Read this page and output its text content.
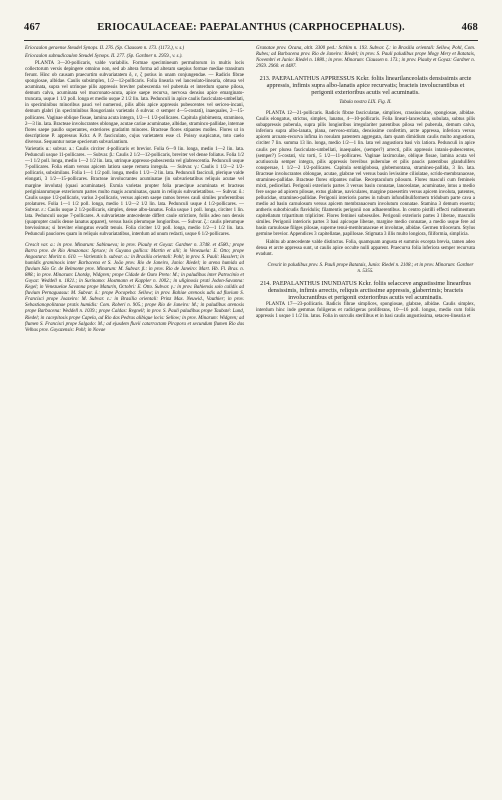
467	ERIOCAULACEAE: PAEPALANTHUS (CARPHOCEPHALUS).	468

Eriocaulon geraense Steudel Synops. II. 276. (Sp. Claussen n. 173. (1173.), v. s.)

Eriocaulon subnudicaulon Steudel Synops. II. 277. (Sp. Gardner n. 2959., v. s.).

PLANTA 3—20-pollicaris, valde variabilis. Formae specimineum permultorum in multis locis collectorum versis depingere omnino non, sed ab altera forma ad alteram saepius formae mediae transitum ferunt. Hinc ob causam praecurtim subvariatatem δ, ε, ζ potius in unam conjungendae. — Radicis fibrae spongiosae, albidae. Caulis subsimplex, 1/2—12-pollicaris. Folia linearia vel lanceolato-linearia, obtusa vel acuminata, supra vel utrinque pilis appressis breviter pubescentia vel puberula et interdum sparse pilosa, demum calva, acuminata vel mucronato-acuta, apice saepe recurva, nervosa densius apice emarginato-truncata, usque 1 1/2 poll. longa et medio usque 2 1/2 lin. lata. Pedunculi in apice caulis fasciculato-umbellati, in speciminibus minoribus pauci vel numerosi, pilis albis apice appressis pubescentes vel sericeo-incani, demum glabri (in speciminibus Rougorianis varietatis δ subvar. σ semper 4—5-costati), inaequales, 2—15-pollicares. Vaginae oblique fissae, lamina acuta integra, 1/2—1 1/2-pollicares. Capitula globimenta, straminea, 2—3 lin. lata. Bracteae involucrantes oblongae, acutae cariae acuminatae, albidae, straminco-pallidae, internae flores saepe paullo superantes, exteriores gradatim minores. Bracteae flores stipantes molles. Flores ut in descriptione P. appressus Kckr. A P. fasciculato, cujus varietatem esse cl. Poissy suspicatus, toto caelo diversus. Sequuntur notae specierum subvariantium.

Varietatis α.: subvar. a.: Caulis circiter 4-pollicaris et brevior. Folia 6—9 lin. longa, medio 1—2 lin. lata. Pedunculi usque 11-pollicares. — Subvar. β.: Caulis 2 1/2—12-pollicaris, breviter vel dense foliatus. Folia 1/2—1 1/2 poll. longa, medio 1—2 1/2 lin. lata, utrinque appresso-pubescentia vel glabrescentia. Pedunculi usque 7-pollicares. Folia etiam versus apicem latiora saepe remota inregula. — Subvar. γ.: Caulis 1 1/2—2 1/2-pollicaris, subsimilans. Folia 1—1 1/2 poll. longa, medio 1 1/2—2 lin. lata. Pedunculi fasciculi, plerique valde elongati, 3 1/2—15-pollicares. Bracteae involucrantes acuminatae (in subvarietatibus reliquis acutae vel margine involuta) (quasi acuminatae). Exmia varietas propter folia praecipue acuminata et bracteas periginianrumque exteriorum partes multo magis acuminatas, quam in reliquis subvarietatibus. — Subvar. δ.: Caulis usque 1/2-pollicaris, varius 2-pollicaris, versus apicem saepe ramos breves cauli similes proferentibus prolatures. Folia 1—1 1/2 poll. longa, medio 1 1/2—2 1/2 lin. lata. Pedunculi usque 4 1/2-pollicares. — Subvar. ε.: Caulis usque 2 1/2-pollicaris, simplex, dense albo-lanatus. Folia usque 1 poll. longa, circiter 1 lin. lata. Pedunculi usque 7-pollicares. A subvarietate antecedente differt caule strictiore, foliis adeo non densis (quapropter caulis dense lanatus apparet), versus basis plerumque longioribus. — Subvar. ζ.: caulis plerumque brevissimus; si breviter elongatus evadit tenuis. Folia circiter 1/2 poll. longa, medio 1/2—1 1/2 lin. lata. Pedunculi pauciores quam in reliquis subvariatatibus, interdum ad unum redacti, usque 6 1/2-pollicares.

Crescit var. a.: in prov. Minarum: Sabinueva; in prov. Piauhy et Goyaz: Gardner n. 3748. et 4580.; prope Barra prov. de Rio Amazonas: Spruce; in Guyana gallica: Martin et alii; in Venezuela: E. Otto; prope Angostura: Moritz n. 610. — Varietatis b. subvar. a.: in Brasilia orientali: Pohl; in prov. S. Pauli: Hasslert; in humidis graminosis inter Barbacena et S. João prov. Rio de Janeiro, Janio: Riedel; in arena humida ad fluvium São Gr. de Belmonte prov. Minarum: M. Subvar. β.: in prov. Rio de Janeiro: Mart. Hb. Fl. Bras. n. 888.; in prov. Minarum: Lhotsky, Widgren; prope Cidade de Ouro Preto: M.; in paludibus inter Patrocinio et Goyaz: Weddell n. 1821.; in Surinamo: Hostmann et Kappler n. 1002.; in uliginosis prati Jodon-Savanna: Kegel; in Venezuelae Savanna prope Maturin, Octobri: E. Otto. Subvar. γ.: in prov. Bahiensis solo calidis ad fluvium Pernaguassu: M. Subvar. δ.: prope Pocopeba: Sellow; in prov. Bahiae arenosis udis ad fluvium S. Francisci prope Joazeiro: M. Subvar. ε.: in Brasilia orientali: Prinz Max. Neuwid., Vauthier; in prov. Sebastianopolitanae pratis humidis: Com. Roberi n. 905.; prope Rio de Janeiro: M.; in paludibus arenosis prope Barbacena: Weddell n. 1039.; prope Caldas: Regnell; in prov. S. Pauli paludibus prope Taubaté: Lund, Riedel; in cacepitosis prope Capela, ad Rio das Pedras alibique locis: Sellow; in prov. Minarum: Widgren; ad flumen S. Francisci prope Salgado: M.; ad ejusdem fluvii catarractam Pirapora et secundum flumen Rio das Velhas prov. Goyazensis: Pohl; in Novae

Granatae prov. Ocana, altit. 3300 ped.: Schlim n. 193. Subvar. ζ.: in Brasilia orientali: Sellow, Pohl, Com. Rubes; ad Barbacena prov. Rio de Janeiro: Riedel; in prov. S. Pauli paludibus prope Mogy Mery et Batatais, Novembri et Junio: Riedel n. 1880.; in prov. Minarum: Claussen n. 173.; in prov. Piauhy et Goyaz: Gardner n. 2959. 2960. et 4487.

213. PAEPALANTHUS APPRESSUS Kckr. foliis linearilanceolatis densissimis arcte appressis, infimis supra albo-lanatis apice recurvatis; bracteis involucrantibus et perigonii exterioribus acutis vel acuminatis.

Tabula nostra LIX. Fig. II.

PLANTA 12—21-pollicaris. Radicis fibrae fasciculatae, simplices, crassiusculae, spongiosae, albidae. Caulis elongatus, strictus, simplex, lanatus, 4—10-pollicaris. Folia lineari-lanceolata, subulata, subtus pilis subappressis puberula, supra pilis longioribus irregulariter patentibus pilosa vel puberula, demum calva, inferiora supra albo-lanata, plana, nervoso-striata, densissime confertim, arcte appressa, inferiora versus apicem arcuato-recurva infima in rosulam patentem aggregata, 4am quam dimidium caulis multo angustiora, circiter 7 lin. summa 13 lin. longa, medio 1/2—1 lin. lata vel angustiora basi vix latiora. Pedunculi in apice caulis per plurea fasciculato-umbellati, inaequales, (semper?) arrecti, pilis appressis intanis-pubescentes, (semper?) 5-costati, viz torti, 5 1/2—11-pollicares. Vaginae laximculae, oblique fissae, lamina acuta vel acutiuscula semper integra, pilis appressis brevibus puberulae et pilis paucis patentibus glandulifers conspersae, 1 1/2—2 1/2-pollicares. Capitula semiglobosa, globemontana, stramineo-pallida, 3 lin. lata. Bracteae involucrantes oblongae, acutae, glabrae vel versus basin levissime ciliolatae, scrido-membranaceae, stramineo-pallidae. Bracteae flores stipantes nullae. Receptaculum pilosum. Flores masculi cum femineis mixti, pedicellati. Perigonii exterioris partes 3 versus basin connatae, lanceolatae, acuminatae, intus a medio fere usque ad apicem pilosae, extus glabrae, naviculares, margine praesertim versus apicem involuta, patentes, pellucidae, stramineo-pallidae. Perigonii interioris partes in tubum infundibuliformem tridubum parte cava a medio ad basin carnulosum versus apicem membranaceum involutum connatae. Stamina 3 demum exserta; antheris suborbicudis flavidulis; filamentis perigonii non adhaerentibus. In centro pistilli effecti rudimentum capitellatum tripartitum tripliciter. Flores feminei subsessiles. Perigonii exterioris partes 3 liberae, masculis similes. Perigonii interioris partes 3 basi apicoque liberae, margine medio connatae, a medio usque fere ad basin carnulosae filiges pilosae, superne tenui-membranaceae et involutae, albidae. Germen triloceram. Stylus germine brevior. Appendices 3 capitellatae, papillosae. Stigmata 3 illis multo longiora, filiformia, simplicia.

Habitu ab antecedente valde distinctus. Folia, quamquam angusta et summis excepta brevia, tamen adeo densa et arcte appressa sunt, ut caulis apice occulte nulli apparent. Praecurva folia inferiora semper recurvata evadunt.

Crescit in paludibus prov. S. Pauli prope Batatais, Junio: Riedel n. 2108.; et in prov. Minarum: Gardner n. 5355.

214. PAEPALANTHUS INUNDATUS Kckr. foliis selacceve angustissime linearibus densissimis, infimis arrectis, reliquis arctissime appressis, glaberrimis; bracteis involucrantibus et perigonii exterioribus acutis vel acuminatis.

PLANTA 17—23-pollicaris. Radicis fibrae simplices, spongiosae, glabrae, albidae. Caulis simplex, interdum hinc inde gemmas foliigeras et radicigeras proliferans, 10—16 poll. longus, medio cum foliis appressis 1 usque 1 1/2 lin. latus. Folia in surculis sterilibus et in basi caulis angustissima, setaceo-linearia et
